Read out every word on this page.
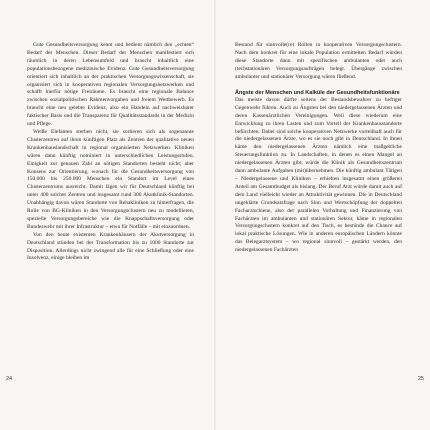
Gute Gesundheitsversorgung kennt und bedient nämlich den „echten“ Bedarf der Menschen. Dieser Bedarf der Menschen manifestiert sich räumlich in deren Lebensumfeld und braucht inhaltlich eine populationsbezogene medizinische Evidenz. Gute Gesundheitsversorgung orientiert sich inhaltlich an der praktischen Versorgungswissenschaft, sie organisiert sich in kooperativen regionalen Versorgungsnetzwerken und schafft hierfür nötige Freiräume. Es braucht eine regionale Balance zwischen sozialpolitischen Rahmenvorgaben und freiem Wettbewerb. Es braucht eine neu gelebte Evidenz, also ein Handeln auf nachweisbarer faktischer Basis und die Transparenz für Qualitätsstandards in der Medizin und Pflege.

Weiße Elefanten sterben nicht, sie sortieren sich als sogenannte Clusterzentren auf ihren künftigen Platz als Zentren der qualitative neuen Krankenhauslandschaft in regional organisierten Netzwerken. Kliniken wären dann künftig nominiert in unterschiedlichen Leistungsstufen. Einigkeit zur genauen Zahl an nötigen Standorten besteht nicht; aber Konsens zur Orientierung, wonach für die Gesundheitsversorgung von 150.000 bis 250.000 Menschen ein Standort im Level eines Clusterzentrums ausreicht. Damit lägen wir für Deutschland künftig bei unter 400 solcher Zentren und insgesamt rund 300 Akutklinik-Standorten. Unabhängig davon wären Standorte von Rehakliniken zu hinterfragen, die Rolle von BG-Kliniken in den Versorgungsclustern neu zu modellieren, spezielle Versorgungsbereiche wie die Knappschaftsversorgung oder Bundeswehr mit ihrer Infrastruktur – etwa für Notfälle – mit einzuordnen.

Von den heute existenten Krankenhäusern der Akutversorgung in Deutschland stünden bei der Transformation bis zu 1000 Standorte zur Disposition. Allerdings nicht zwingend alle für eine Schließung oder eine Insolvenz, einige bleiben im

Bestand für sinnvolle(re) Rollen in kooperativen Versorgungsclustern. Nach dem konkret für eine lokale Population ermittelten Bedarf würden diese Standorte dann mit spezifischen ambulanten oder auch (teil)stationären Versorgungsaufträgen belegt. Übergänge zwischen ambulanter und stationärer Versorgung wären fließend.

Ängste der Menschen und Kalküle der Gesundheitsfunktionäre

Das meiste davon dürfte seitens der Bestandsbewahrer zu heftiger Gegenwehr führen. Auch zu Ängsten bei den niedergelassenen Ärzten und deren Kassenärztlichen Vereinigungen. Weil diese wiederum eine Entwicklung zu ihren Lasten und zum Vorteil der Krankenhausstandorte befürchten. Dabei sind solche kooperativen Netzwerke vorteilhaft auch für die niedergelassenen Ärzte, wo es sie noch gibt in Deutschland. In ihnen käme den niedergelassenen Ärzten nämlich eine maßgebliche Steuerungsfunktion zu. In Landschaften, in denen es einen Mangel an niedergelassenen Ärzten gibt, würde die Klinik als Gesundheitszentrum dann ambulante Aufgaben (mit)übernehmen. Die künftig ambulant Tätigen – Niedergelassene und Kliniken – erhielten insgesamt einen größeren Anteil am Gesamtbudget als bislang. Der Beruf Arzt würde damit auch auf dem Land vielleicht wieder an Attraktivität gewinnen. Die in Deutschland ungeklärte Grundsatzfrage nach Sinn und Wertschöpfung der doppelten Facharztschiene, also der parallelen Vorhaltung und Finanzierung von Fachärzten im ambulanten und stationären Sektor, käme in regionalen Versorgungsclustern konkret auf den Tisch, es bestünde die Chance auf lokal praktische Lösungen. Wie in anderen europäischen Ländern könnte das Belegarztsystem – wo regional sinnvoll – gestärkt werden, den niedergelassenen Fachärzten

24	25
